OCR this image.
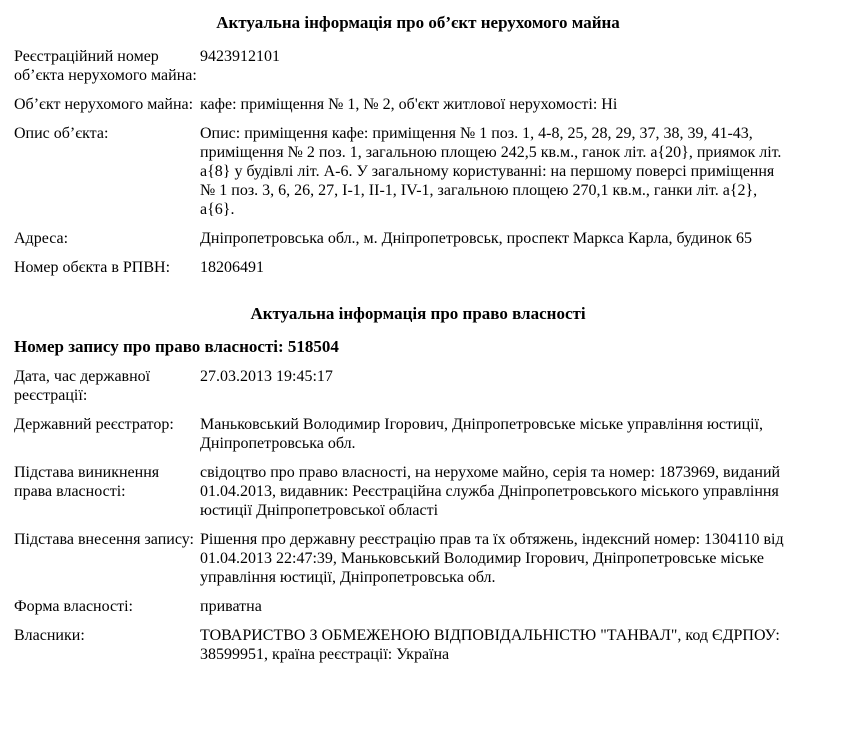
Актуальна інформація про об’єкт нерухомого майна
Реєстраційний номер об’єкта нерухомого майна:	9423912101
Об’єкт нерухомого майна:	кафе: приміщення № 1, № 2, об'єкт житлової нерухомості: Ні
Опис об’єкта:	Опис: приміщення кафе: приміщення № 1 поз. 1, 4-8, 25, 28, 29, 37, 38, 39, 41-43, приміщення № 2 поз. 1, загальною площею 242,5 кв.м., ганок літ. а{20}, приямок літ. а{8} у будівлі літ. А-6. У загальному користуванні: на першому поверсі приміщення № 1 поз. 3, 6, 26, 27, І-1, ІІ-1, ІV-1, загальною площею 270,1 кв.м., ганки літ. а{2}, а{6}.
Адреса:	Дніпропетровська обл., м. Дніпропетровськ, проспект Маркса Карла, будинок 65
Номер обєкта в РПВН:	18206491
Актуальна інформація про право власності
Номер запису про право власності: 518504
Дата, час державної реєстрації:	27.03.2013 19:45:17
Державний реєстратор:	Маньковський Володимир Ігорович, Дніпропетровське міське управління юстиції, Дніпропетровська обл.
Підстава виникнення права власності:	свідоцтво про право власності, на нерухоме майно, серія та номер: 1873969, виданий 01.04.2013, видавник: Реєстраційна служба Дніпропетровського міського управління юстиції Дніпропетровської області
Підстава внесення запису:	Рішення про державну реєстрацію прав та їх обтяжень, індексний номер: 1304110 від 01.04.2013 22:47:39, Маньковський Володимир Ігорович, Дніпропетровське міське управління юстиції, Дніпропетровська обл.
Форма власності:	приватна
Власники:	ТОВАРИСТВО З ОБМЕЖЕНОЮ ВІДПОВІДАЛЬНІСТЮ "ТАНВАЛ", код ЄДРПОУ: 38599951, країна реєстрації: Україна
